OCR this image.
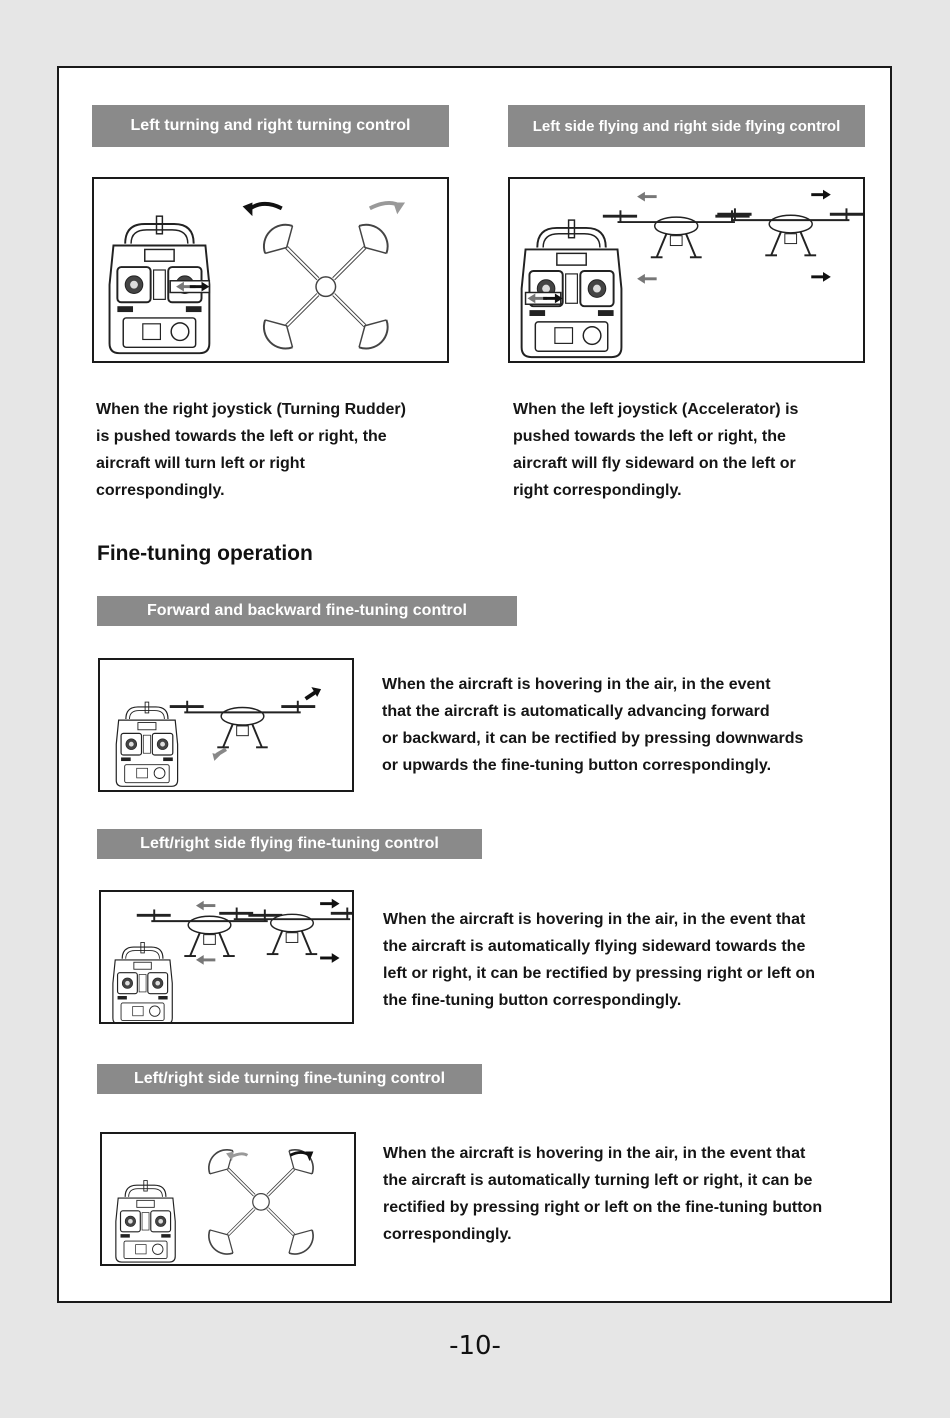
Left turning and right turning control
When the right joystick (Turning Rudder)
is pushed towards the left or right, the
aircraft will turn left or right
correspondingly.
Left side flying and right side flying control
When the left joystick (Accelerator) is
pushed towards the left or right, the
aircraft will fly sideward on the left or
right correspondingly.
Fine-tuning operation
Forward and backward fine-tuning control
When the aircraft is hovering in the air, in the event
that the aircraft is automatically advancing forward
or backward, it can be rectified by pressing downwards
or upwards the fine-tuning button correspondingly.
Left/right side flying fine-tuning control
When the aircraft is hovering in the air, in the event that
the aircraft is automatically flying sideward towards the
left or right, it can be rectified by pressing right or left on
the fine-tuning button correspondingly.
Left/right side turning fine-tuning control
When the aircraft is hovering in the air, in the event that
the aircraft is automatically turning left or right, it can be
rectified by pressing right or left on the fine-tuning button
correspondingly.
-10-
